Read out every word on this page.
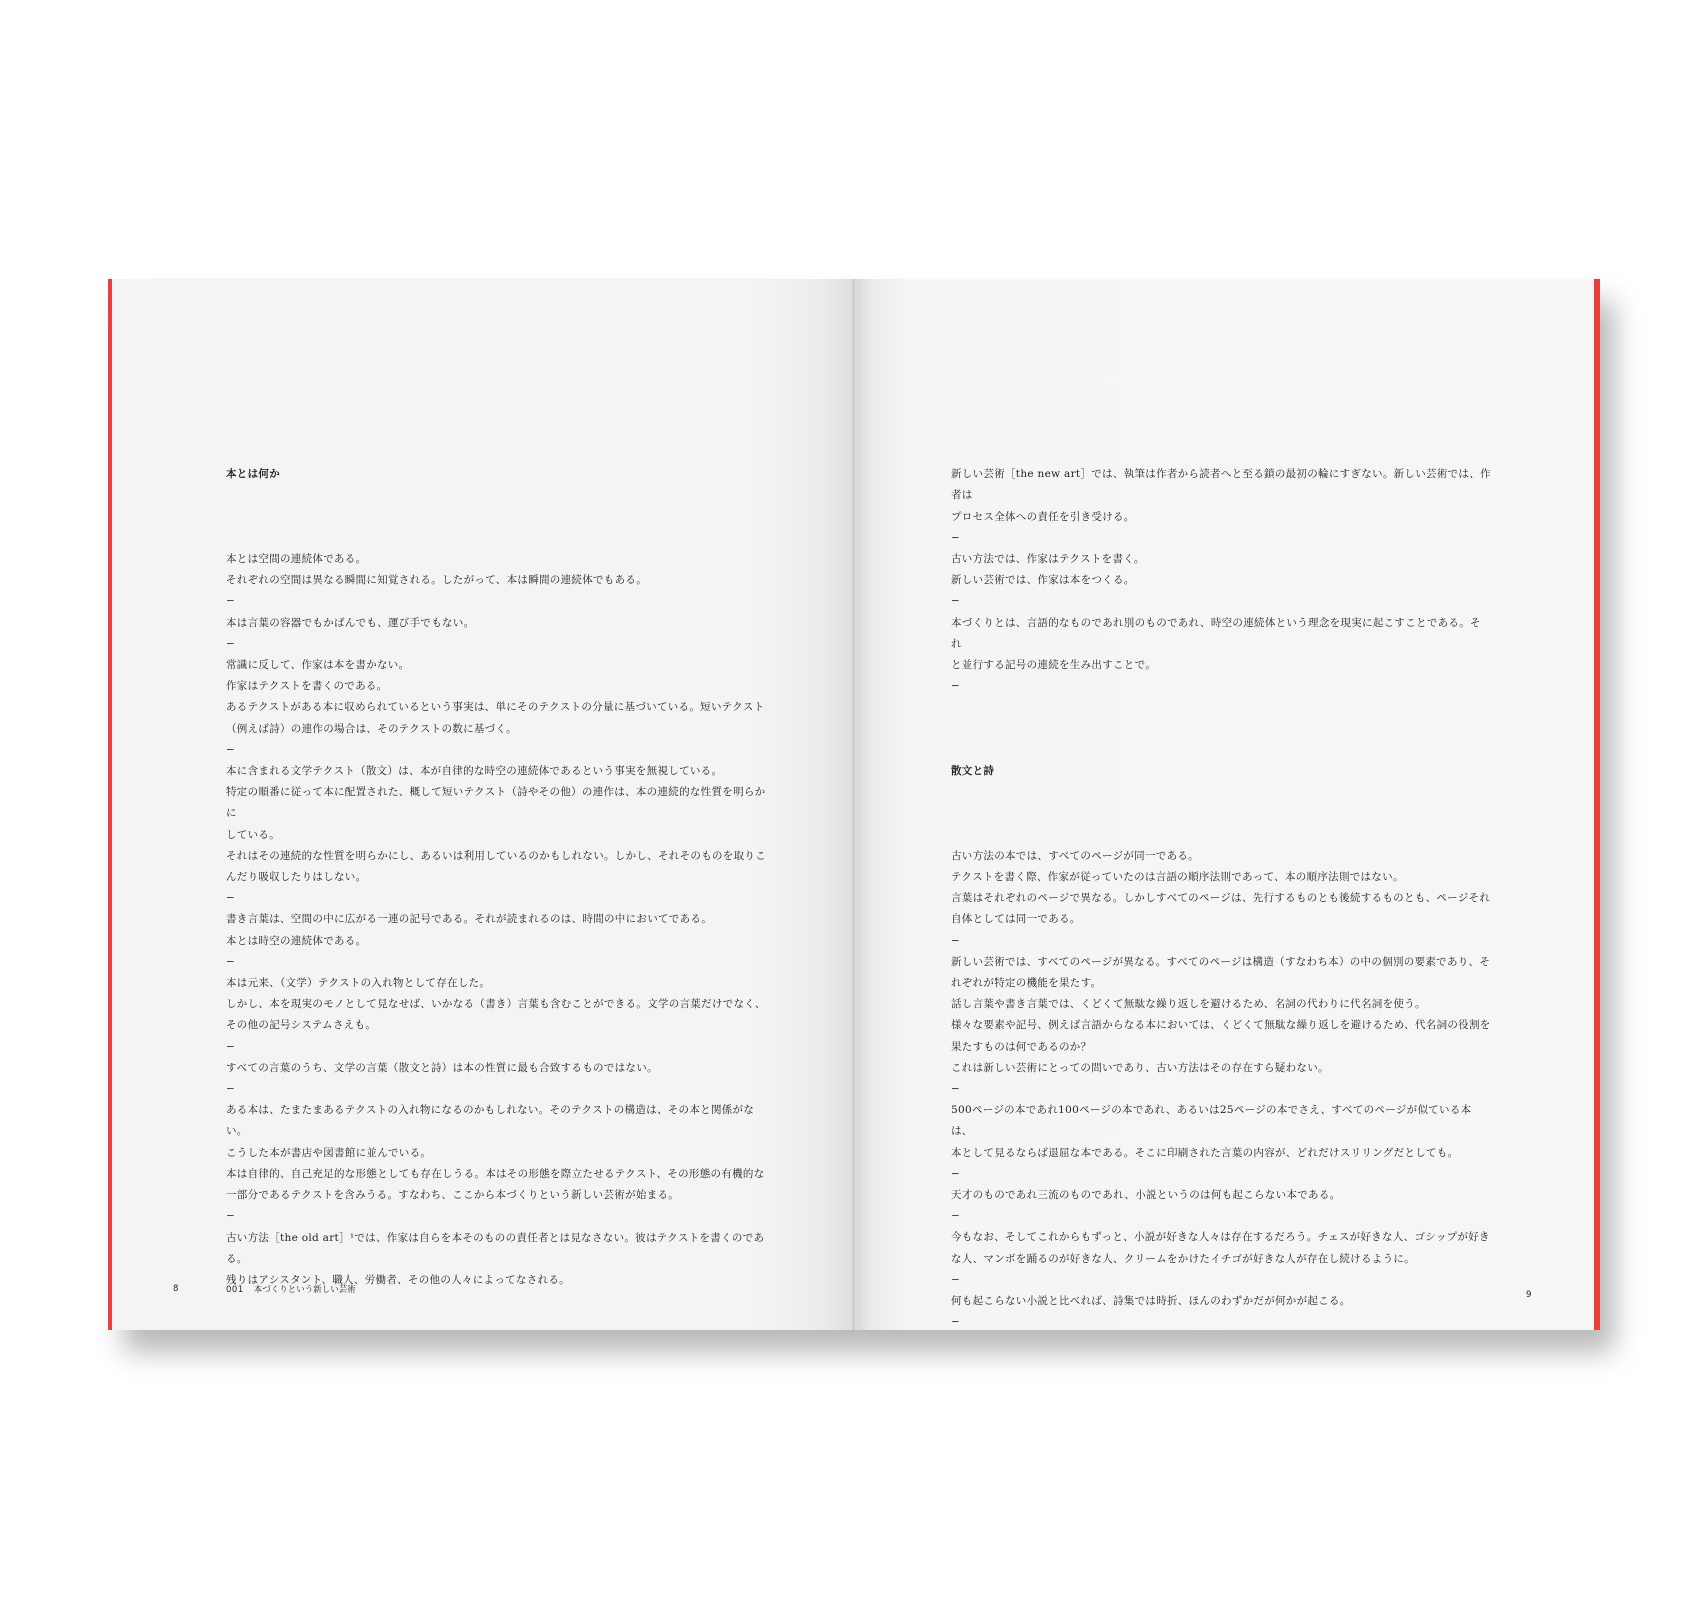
本とは何か

本とは空間の連続体である。
それぞれの空間は異なる瞬間に知覚される。したがって、本は瞬間の連続体でもある。
−
本は言葉の容器でもかばんでも、運び手でもない。
−
常識に反して、作家は本を書かない。
作家はテクストを書くのである。
あるテクストがある本に収められているという事実は、単にそのテクストの分量に基づいている。短いテクスト
（例えば詩）の連作の場合は、そのテクストの数に基づく。
−
本に含まれる文学テクスト（散文）は、本が自律的な時空の連続体であるという事実を無視している。
特定の順番に従って本に配置された、概して短いテクスト（詩やその他）の連作は、本の連続的な性質を明らかに
している。
それはその連続的な性質を明らかにし、あるいは利用しているのかもしれない。しかし、それそのものを取りこ
んだり吸収したりはしない。
−
書き言葉は、空間の中に広がる一連の記号である。それが読まれるのは、時間の中においてである。
本とは時空の連続体である。
−
本は元来、（文学）テクストの入れ物として存在した。
しかし、本を現実のモノとして見なせば、いかなる（書き）言葉も含むことができる。文学の言葉だけでなく、
その他の記号システムさえも。
−
すべての言葉のうち、文学の言葉（散文と詩）は本の性質に最も合致するものではない。
−
ある本は、たまたまあるテクストの入れ物になるのかもしれない。そのテクストの構造は、その本と関係がない。
こうした本が書店や図書館に並んでいる。
本は自律的、自己充足的な形態としても存在しうる。本はその形態を際立たせるテクスト、その形態の有機的な
一部分であるテクストを含みうる。すなわち、ここから本づくりという新しい芸術が始まる。
−
古い方法［the old art］¹では、作家は自らを本そのものの責任者とは見なさない。彼はテクストを書くのである。
残りはアシスタント、職人、労働者、その他の人々によってなされる。

新しい芸術［the new art］では、執筆は作者から読者へと至る鎖の最初の輪にすぎない。新しい芸術では、作者は
プロセス全体への責任を引き受ける。
−
古い方法では、作家はテクストを書く。
新しい芸術では、作家は本をつくる。
−
本づくりとは、言語的なものであれ別のものであれ、時空の連続体という理念を現実に起こすことである。それ
と並行する記号の連続を生み出すことで。
−

散文と詩

古い方法の本では、すべてのページが同一である。
テクストを書く際、作家が従っていたのは言語の順序法則であって、本の順序法則ではない。
言葉はそれぞれのページで異なる。しかしすべてのページは、先行するものとも後続するものとも、ページそれ
自体としては同一である。
−
新しい芸術では、すべてのページが異なる。すべてのページは構造（すなわち本）の中の個別の要素であり、そ
れぞれが特定の機能を果たす。
話し言葉や書き言葉では、くどくて無駄な繰り返しを避けるため、名詞の代わりに代名詞を使う。
様々な要素や記号、例えば言語からなる本においては、くどくて無駄な繰り返しを避けるため、代名詞の役割を
果たすものは何であるのか？
これは新しい芸術にとっての問いであり、古い方法はその存在すら疑わない。
−
500ページの本であれ100ページの本であれ、あるいは25ページの本でさえ、すべてのページが似ている本は、
本として見るならば退屈な本である。そこに印刷された言葉の内容が、どれだけスリリングだとしても。
−
天才のものであれ三流のものであれ、小説というのは何も起こらない本である。
−
今もなお、そしてこれからもずっと、小説が好きな人々は存在するだろう。チェスが好きな人、ゴシップが好き
な人、マンボを踊るのが好きな人、クリームをかけたイチゴが好きな人が存在し続けるように。
−
何も起こらない小説と比べれば、詩集では時折、ほんのわずかだが何かが起こる。
−

8	001 本づくりという新しい芸術	9
